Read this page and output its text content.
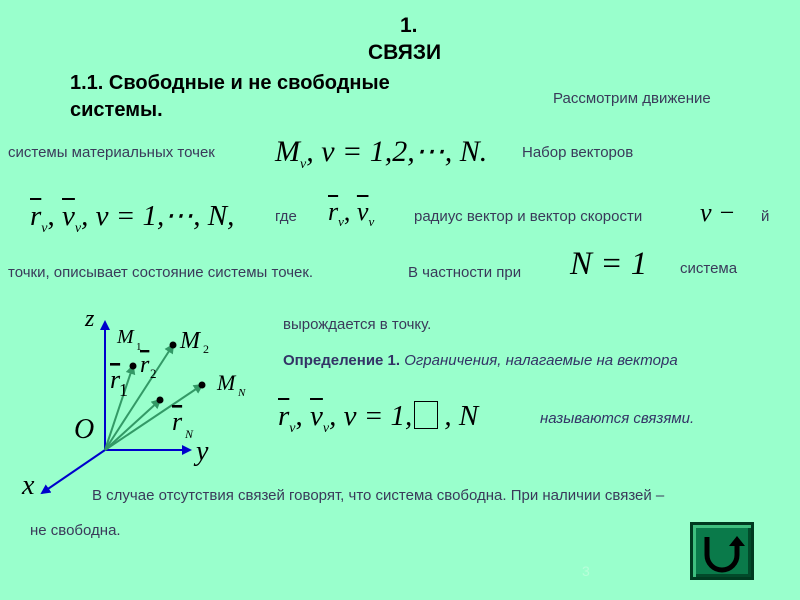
1.
СВЯЗИ
1.1. Свободные и не свободные
системы.
Рассмотрим движение
системы материальных точек $M_\nu$, ν = 1,2,⋯, N. Набор векторов
$\overline{r}_\nu$, $\overline{v}_\nu$, ν = 1,⋯, N,	где $\overline{r}_\nu$, $\overline{v}_\nu$	радиус вектор и вектор скорости ν − й
точки, описывает состояние системы точек.	В частности при N = 1 система
z
y
x
O
M 1 M 2
M N
r
1
r 2
r N
вырождается в точку.
Определение 1. Ограничения, налагаемые на вектора
$\overline{r}_\nu$, $\overline{v}_\nu$, ν = 1, , N	называются связями.
В случае отсутствия связей говорят, что система свободна. При наличии связей –
не свободна.
3
